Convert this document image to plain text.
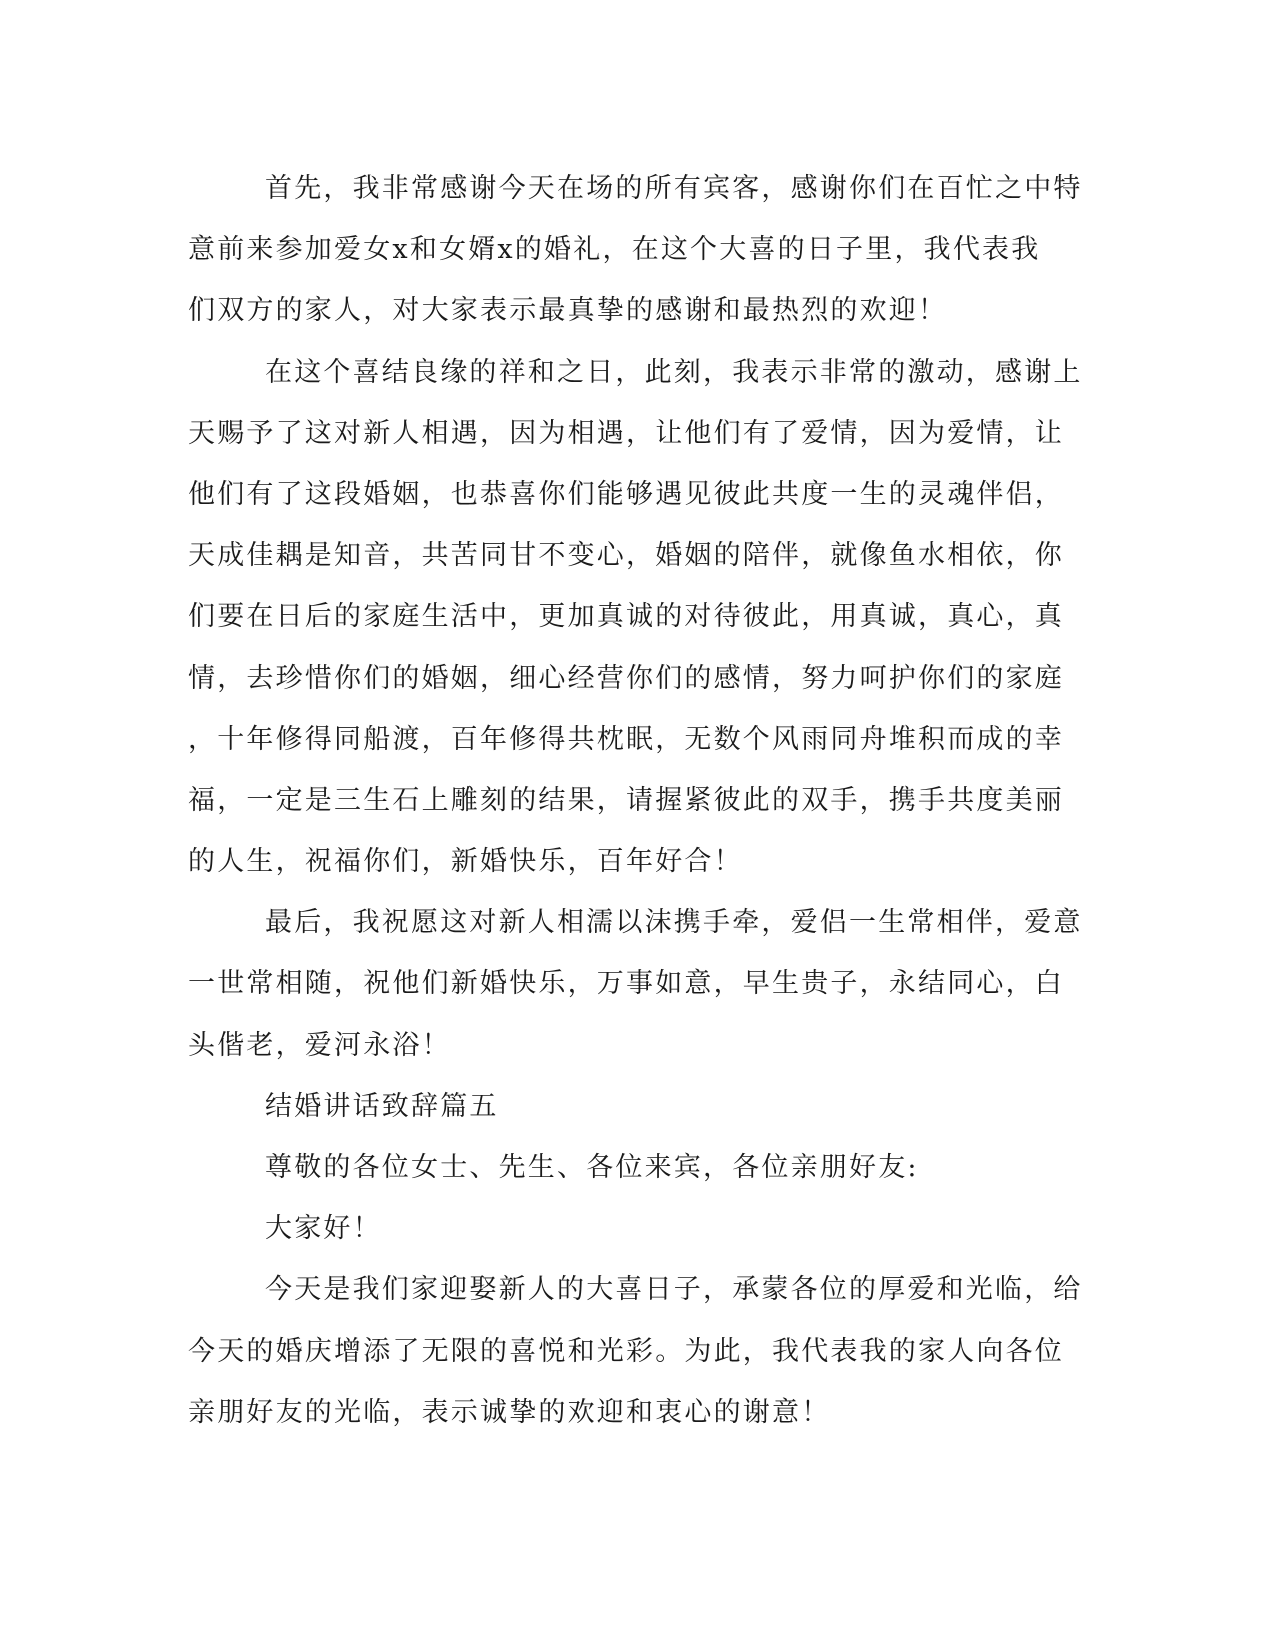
首先，我非常感谢今天在场的所有宾客，感谢你们在百忙之中特
意前来参加爱女x和女婿x的婚礼，在这个大喜的日子里，我代表我
们双方的家人，对大家表示最真挚的感谢和最热烈的欢迎！
在这个喜结良缘的祥和之日，此刻，我表示非常的激动，感谢上
天赐予了这对新人相遇，因为相遇，让他们有了爱情，因为爱情，让
他们有了这段婚姻，也恭喜你们能够遇见彼此共度一生的灵魂伴侣，
天成佳耦是知音，共苦同甘不变心，婚姻的陪伴，就像鱼水相依，你
们要在日后的家庭生活中，更加真诚的对待彼此，用真诚，真心，真
情，去珍惜你们的婚姻，细心经营你们的感情，努力呵护你们的家庭
，十年修得同船渡，百年修得共枕眠，无数个风雨同舟堆积而成的幸
福，一定是三生石上雕刻的结果，请握紧彼此的双手，携手共度美丽
的人生，祝福你们，新婚快乐，百年好合！
最后，我祝愿这对新人相濡以沫携手牵，爱侣一生常相伴，爱意
一世常相随，祝他们新婚快乐，万事如意，早生贵子，永结同心，白
头偕老，爱河永浴！
结婚讲话致辞篇五
尊敬的各位女士、先生、各位来宾，各位亲朋好友:
大家好！
今天是我们家迎娶新人的大喜日子，承蒙各位的厚爱和光临，给
今天的婚庆增添了无限的喜悦和光彩。为此，我代表我的家人向各位
亲朋好友的光临，表示诚挚的欢迎和衷心的谢意！
